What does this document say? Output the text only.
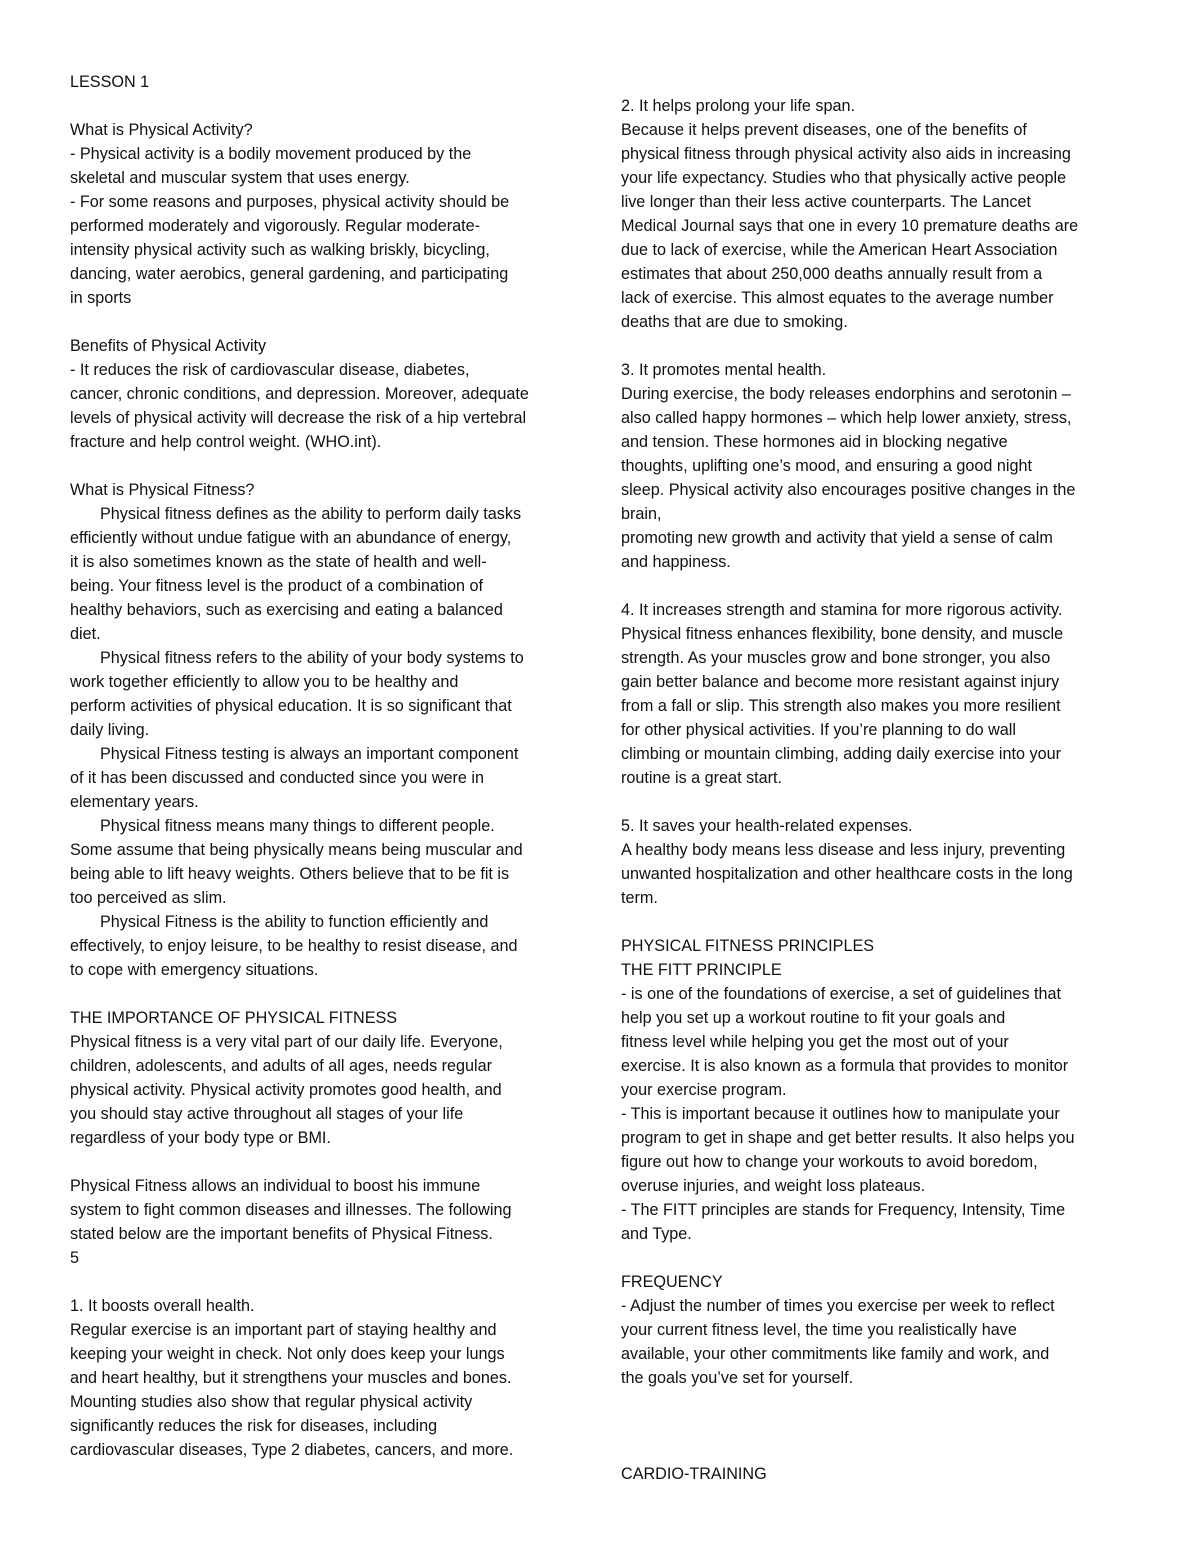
LESSON 1
What is Physical Activity?
- Physical activity is a bodily movement produced by the
skeletal and muscular system that uses energy.
- For some reasons and purposes, physical activity should be
performed moderately and vigorously. Regular moderate-
intensity physical activity such as walking briskly, bicycling,
dancing, water aerobics, general gardening, and participating
in sports
Benefits of Physical Activity
- It reduces the risk of cardiovascular disease, diabetes,
cancer, chronic conditions, and depression. Moreover, adequate
levels of physical activity will decrease the risk of a hip vertebral
fracture and help control weight. (WHO.int).
What is Physical Fitness?
Physical fitness defines as the ability to perform daily tasks
efficiently without undue fatigue with an abundance of energy,
it is also sometimes known as the state of health and well-
being. Your fitness level is the product of a combination of
healthy behaviors, such as exercising and eating a balanced
diet.
Physical fitness refers to the ability of your body systems to
work together efficiently to allow you to be healthy and
perform activities of physical education. It is so significant that
daily living.
Physical Fitness testing is always an important component
of it has been discussed and conducted since you were in
elementary years.
Physical fitness means many things to different people.
Some assume that being physically means being muscular and
being able to lift heavy weights. Others believe that to be fit is
too perceived as slim.
Physical Fitness is the ability to function efficiently and
effectively, to enjoy leisure, to be healthy to resist disease, and
to cope with emergency situations.
THE IMPORTANCE OF PHYSICAL FITNESS
Physical fitness is a very vital part of our daily life. Everyone,
children, adolescents, and adults of all ages, needs regular
physical activity. Physical activity promotes good health, and
you should stay active throughout all stages of your life
regardless of your body type or BMI.
Physical Fitness allows an individual to boost his immune
system to fight common diseases and illnesses. The following
stated below are the important benefits of Physical Fitness.
5
1. It boosts overall health.
Regular exercise is an important part of staying healthy and
keeping your weight in check. Not only does keep your lungs
and heart healthy, but it strengthens your muscles and bones.
Mounting studies also show that regular physical activity
significantly reduces the risk for diseases, including
cardiovascular diseases, Type 2 diabetes, cancers, and more.
2. It helps prolong your life span.
Because it helps prevent diseases, one of the benefits of
physical fitness through physical activity also aids in increasing
your life expectancy. Studies who that physically active people
live longer than their less active counterparts. The Lancet
Medical Journal says that one in every 10 premature deaths are
due to lack of exercise, while the American Heart Association
estimates that about 250,000 deaths annually result from a
lack of exercise. This almost equates to the average number
deaths that are due to smoking.
3. It promotes mental health.
During exercise, the body releases endorphins and serotonin –
also called happy hormones – which help lower anxiety, stress,
and tension. These hormones aid in blocking negative
thoughts, uplifting one’s mood, and ensuring a good night
sleep. Physical activity also encourages positive changes in the
brain,
promoting new growth and activity that yield a sense of calm
and happiness.
4. It increases strength and stamina for more rigorous activity.
Physical fitness enhances flexibility, bone density, and muscle
strength. As your muscles grow and bone stronger, you also
gain better balance and become more resistant against injury
from a fall or slip. This strength also makes you more resilient
for other physical activities. If you’re planning to do wall
climbing or mountain climbing, adding daily exercise into your
routine is a great start.
5. It saves your health-related expenses.
A healthy body means less disease and less injury, preventing
unwanted hospitalization and other healthcare costs in the long
term.
PHYSICAL FITNESS PRINCIPLES
THE FITT PRINCIPLE
- is one of the foundations of exercise, a set of guidelines that
help you set up a workout routine to fit your goals and
fitness level while helping you get the most out of your
exercise. It is also known as a formula that provides to monitor
your exercise program.
- This is important because it outlines how to manipulate your
program to get in shape and get better results. It also helps you
figure out how to change your workouts to avoid boredom,
overuse injuries, and weight loss plateaus.
- The FITT principles are stands for Frequency, Intensity, Time
and Type.
FREQUENCY
- Adjust the number of times you exercise per week to reflect
your current fitness level, the time you realistically have
available, your other commitments like family and work, and
the goals you’ve set for yourself.
CARDIO-TRAINING
